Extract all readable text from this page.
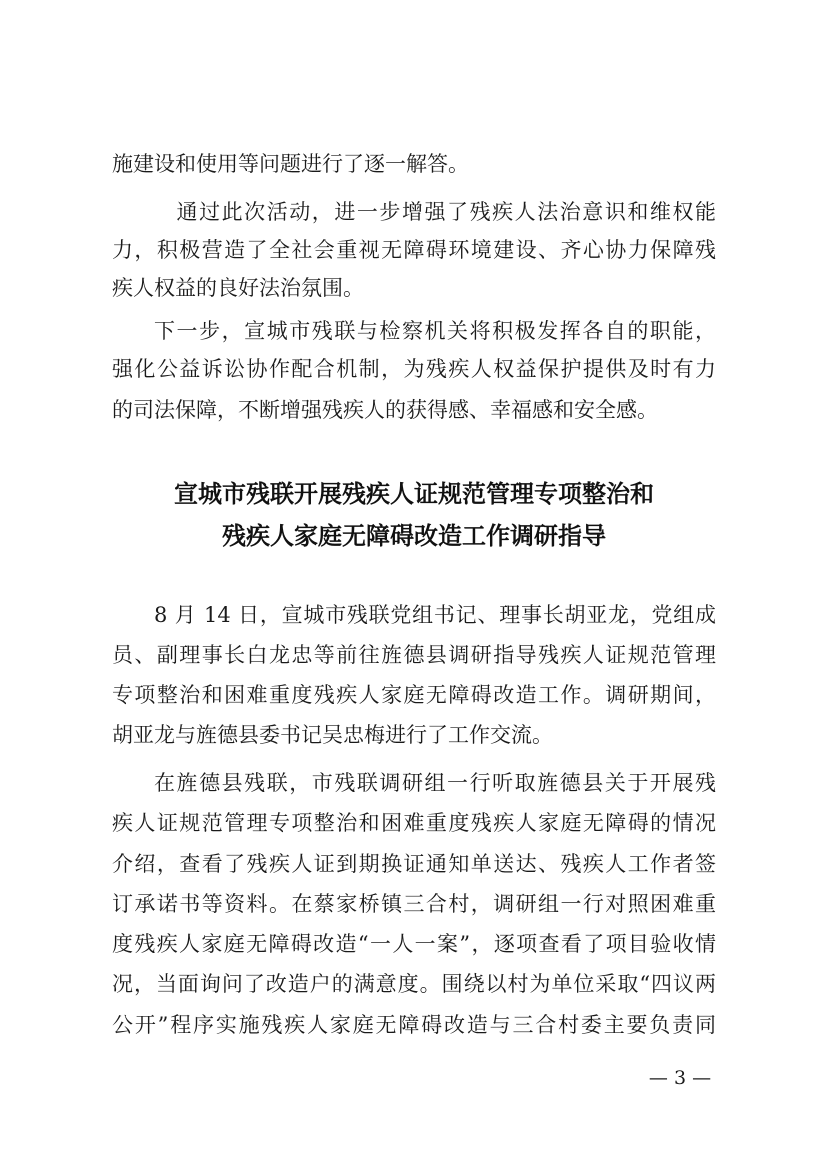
施建设和使用等问题进行了逐一解答。
　通过此次活动，进一步增强了残疾人法治意识和维权能
力，积极营造了全社会重视无障碍环境建设、齐心协力保障残
疾人权益的良好法治氛围。
下一步，宣城市残联与检察机关将积极发挥各自的职能，
强化公益诉讼协作配合机制，为残疾人权益保护提供及时有力
的司法保障，不断增强残疾人的获得感、幸福感和安全感。
宣城市残联开展残疾人证规范管理专项整治和
残疾人家庭无障碍改造工作调研指导
8 月 14 日，宣城市残联党组书记、理事长胡亚龙，党组成
员、副理事长白龙忠等前往旌德县调研指导残疾人证规范管理
专项整治和困难重度残疾人家庭无障碍改造工作。调研期间，
胡亚龙与旌德县委书记吴忠梅进行了工作交流。
在旌德县残联，市残联调研组一行听取旌德县关于开展残
疾人证规范管理专项整治和困难重度残疾人家庭无障碍的情况
介绍，查看了残疾人证到期换证通知单送达、残疾人工作者签
订承诺书等资料。在蔡家桥镇三合村，调研组一行对照困难重
度残疾人家庭无障碍改造“一人一案”，逐项查看了项目验收情
况，当面询问了改造户的满意度。围绕以村为单位采取“四议两
公开”程序实施残疾人家庭无障碍改造与三合村委主要负责同
— 3 —
